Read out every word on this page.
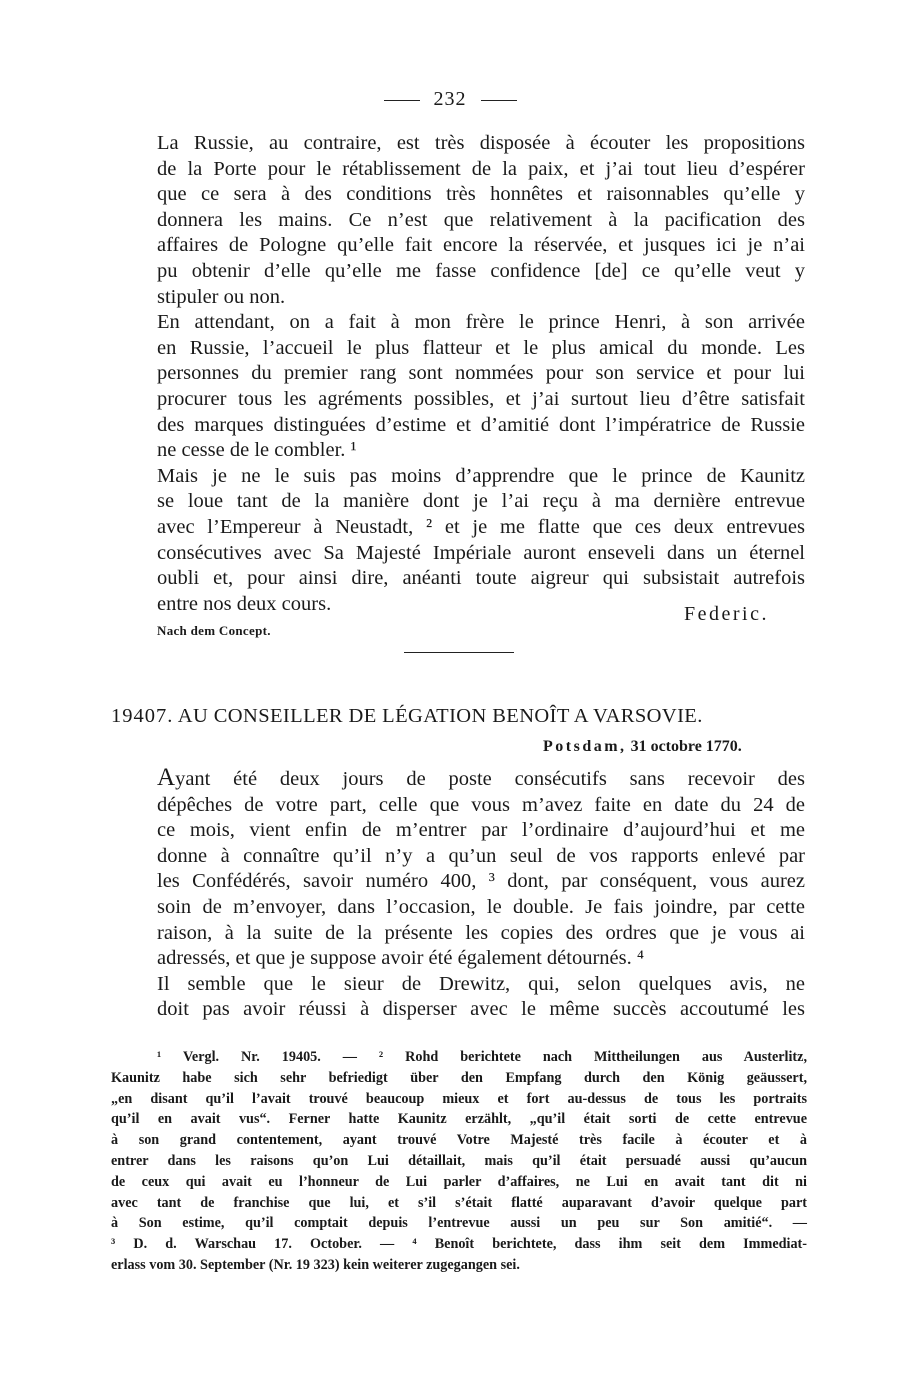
232

La Russie, au contraire, est très disposée à écouter les propositions
de la Porte pour le rétablissement de la paix, et j’ai tout lieu d’espérer
que ce sera à des conditions très honnêtes et raisonnables qu’elle y
donnera les mains. Ce n’est que relativement à la pacification des
affaires de Pologne qu’elle fait encore la réservée, et jusques ici je n’ai
pu obtenir d’elle qu’elle me fasse confidence [de] ce qu’elle veut y
stipuler ou non.

En attendant, on a fait à mon frère le prince Henri, à son arrivée
en Russie, l’accueil le plus flatteur et le plus amical du monde. Les
personnes du premier rang sont nommées pour son service et pour lui
procurer tous les agréments possibles, et j’ai surtout lieu d’être satisfait
des marques distinguées d’estime et d’amitié dont l’impératrice de Russie
ne cesse de le combler. ¹

Mais je ne le suis pas moins d’apprendre que le prince de Kaunitz
se loue tant de la manière dont je l’ai reçu à ma dernière entrevue
avec l’Empereur à Neustadt, ² et je me flatte que ces deux entrevues
consécutives avec Sa Majesté Impériale auront enseveli dans un éternel
oubli et, pour ainsi dire, anéanti toute aigreur qui subsistait autrefois
entre nos deux cours.	Federic.
Nach dem Concept.
19407. AU CONSEILLER DE LÉGATION BENOÎT A VARSOVIE.
Potsdam, 31 octobre 1770.

Ayant été deux jours de poste consécutifs sans recevoir des
dépêches de votre part, celle que vous m’avez faite en date du 24 de
ce mois, vient enfin de m’entrer par l’ordinaire d’aujourd’hui et me
donne à connaître qu’il n’y a qu’un seul de vos rapports enlevé par
les Confédérés, savoir numéro 400, ³ dont, par conséquent, vous aurez
soin de m’envoyer, dans l’occasion, le double. Je fais joindre, par cette
raison, à la suite de la présente les copies des ordres que je vous ai
adressés, et que je suppose avoir été également détournés. ⁴

Il semble que le sieur de Drewitz, qui, selon quelques avis, ne
doit pas avoir réussi à disperser avec le même succès accoutumé les

¹ Vergl. Nr. 19405. — ² Rohd berichtete nach Mittheilungen aus Austerlitz,
Kaunitz habe sich sehr befriedigt über den Empfang durch den König geäussert,
„en disant qu’il l’avait trouvé beaucoup mieux et fort au-dessus de tous les portraits
qu’il en avait vus“. Ferner hatte Kaunitz erzählt, „qu’il était sorti de cette entrevue
à son grand contentement, ayant trouvé Votre Majesté très facile à écouter et à
entrer dans les raisons qu’on Lui détaillait, mais qu’il était persuadé aussi qu’aucun
de ceux qui avait eu l’honneur de Lui parler d’affaires, ne Lui en avait tant dit ni
avec tant de franchise que lui, et s’il s’était flatté auparavant d’avoir quelque part
à Son estime, qu’il comptait depuis l’entrevue aussi un peu sur Son amitié“. —
³ D. d. Warschau 17. October. — ⁴ Benoît berichtete, dass ihm seit dem Immediat-
erlass vom 30. September (Nr. 19 323) kein weiterer zugegangen sei.
